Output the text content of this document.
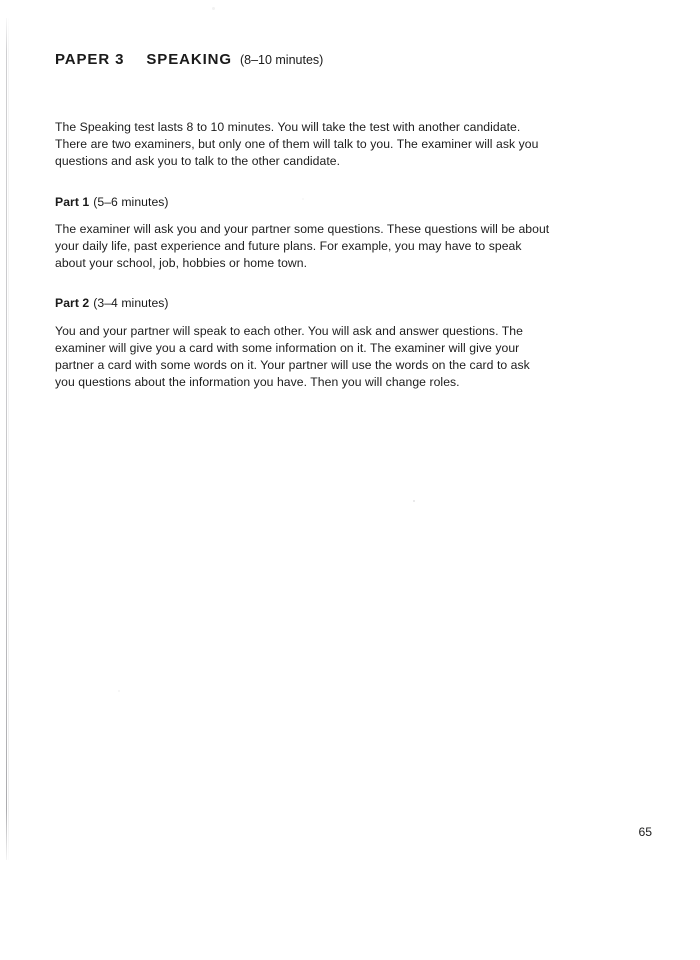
PAPER 3 SPEAKING (8–10 minutes)

The Speaking test lasts 8 to 10 minutes. You will take the test with another candidate. There are two examiners, but only one of them will talk to you. The examiner will ask you questions and ask you to talk to the other candidate.

Part 1 (5–6 minutes)

The examiner will ask you and your partner some questions. These questions will be about your daily life, past experience and future plans. For example, you may have to speak about your school, job, hobbies or home town.

Part 2 (3–4 minutes)

You and your partner will speak to each other. You will ask and answer questions. The examiner will give you a card with some information on it. The examiner will give your partner a card with some words on it. Your partner will use the words on the card to ask you questions about the information you have. Then you will change roles.

65
